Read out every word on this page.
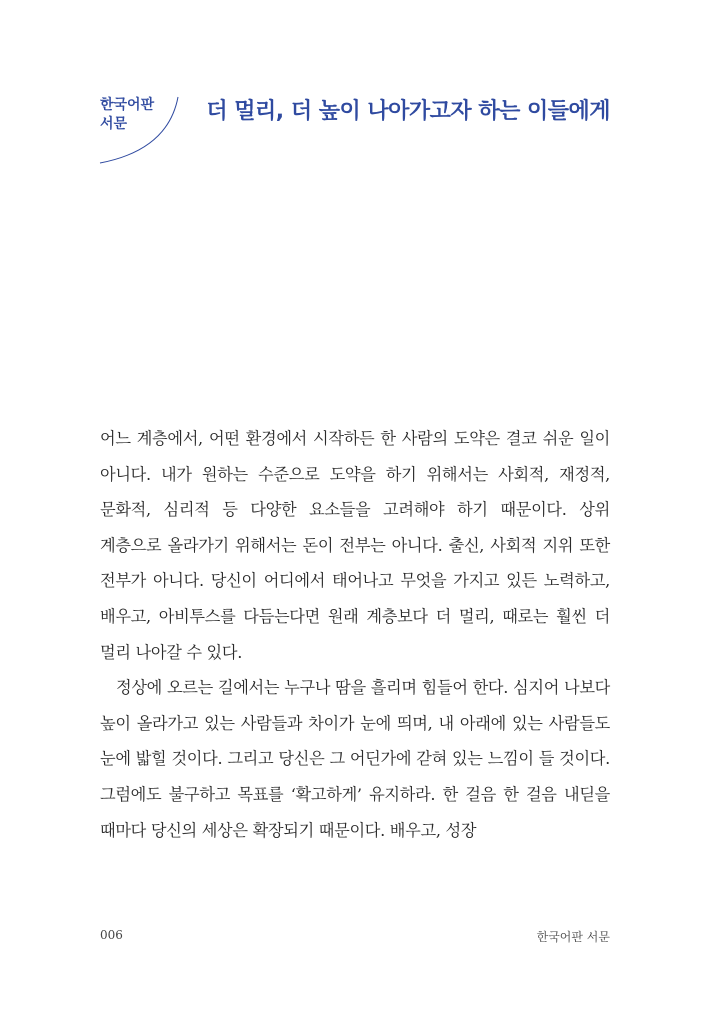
한국어판
서문	더 멀리, 더 높이 나아가고자 하는 이들에게

어느 계층에서, 어떤 환경에서 시작하든 한 사람의 도약은 결코 쉬운 일이 아니다. 내가 원하는 수준으로 도약을 하기 위해서는 사회적, 재정적, 문화적, 심리적 등 다양한 요소들을 고려해야 하기 때문이다. 상위 계층으로 올라가기 위해서는 돈이 전부는 아니다. 출신, 사회적 지위 또한 전부가 아니다. 당신이 어디에서 태어나고 무엇을 가지고 있든 노력하고, 배우고, 아비투스를 다듬는다면 원래 계층보다 더 멀리, 때로는 훨씬 더 멀리 나아갈 수 있다.

정상에 오르는 길에서는 누구나 땀을 흘리며 힘들어 한다. 심지어 나보다 높이 올라가고 있는 사람들과 차이가 눈에 띄며, 내 아래에 있는 사람들도 눈에 밟힐 것이다. 그리고 당신은 그 어딘가에 갇혀 있는 느낌이 들 것이다. 그럼에도 불구하고 목표를 ‘확고하게’ 유지하라. 한 걸음 한 걸음 내딛을 때마다 당신의 세상은 확장되기 때문이다. 배우고, 성장

006	한국어판 서문
